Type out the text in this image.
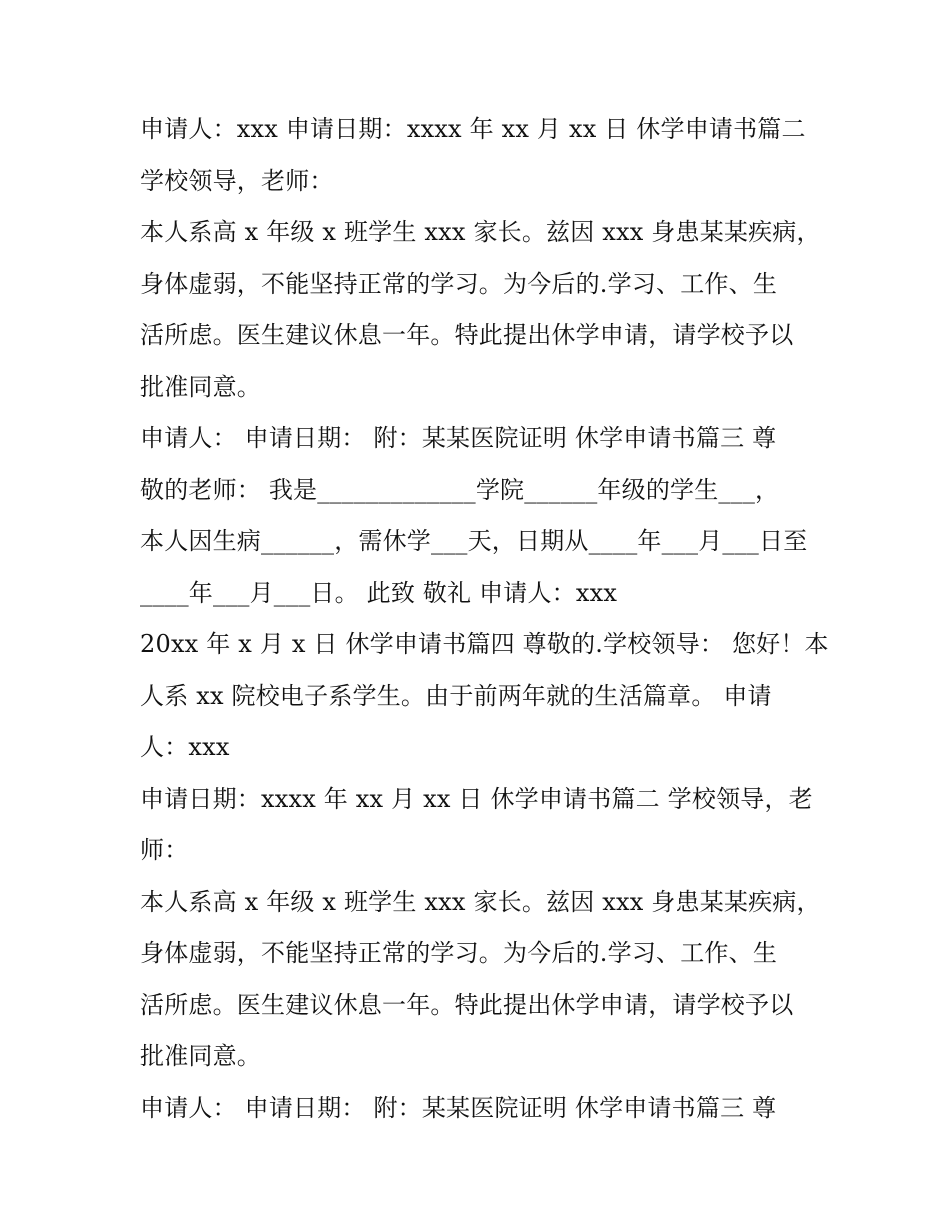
申请人：xxx 申请日期：xxxx 年 xx 月 xx 日 休学申请书篇二
学校领导，老师：
本人系高 x 年级 x 班学生 xxx 家长。兹因 xxx 身患某某疾病，
身体虚弱，不能坚持正常的学习。为今后的.学习、工作、生
活所虑。医生建议休息一年。特此提出休学申请，请学校予以
批准同意。
申请人： 申请日期： 附：某某医院证明 休学申请书篇三 尊
敬的老师： 我是_____________学院______年级的学生___，
本人因生病______，需休学___天，日期从____年___月___日至
____年___月___日。 此致 敬礼 申请人：xxx
20xx 年 x 月 x 日 休学申请书篇四 尊敬的.学校领导： 您好！本
人系 xx 院校电子系学生。由于前两年就的生活篇章。 申请
人：xxx
申请日期：xxxx 年 xx 月 xx 日 休学申请书篇二 学校领导，老
师：
本人系高 x 年级 x 班学生 xxx 家长。兹因 xxx 身患某某疾病，
身体虚弱，不能坚持正常的学习。为今后的.学习、工作、生
活所虑。医生建议休息一年。特此提出休学申请，请学校予以
批准同意。
申请人： 申请日期： 附：某某医院证明 休学申请书篇三 尊
